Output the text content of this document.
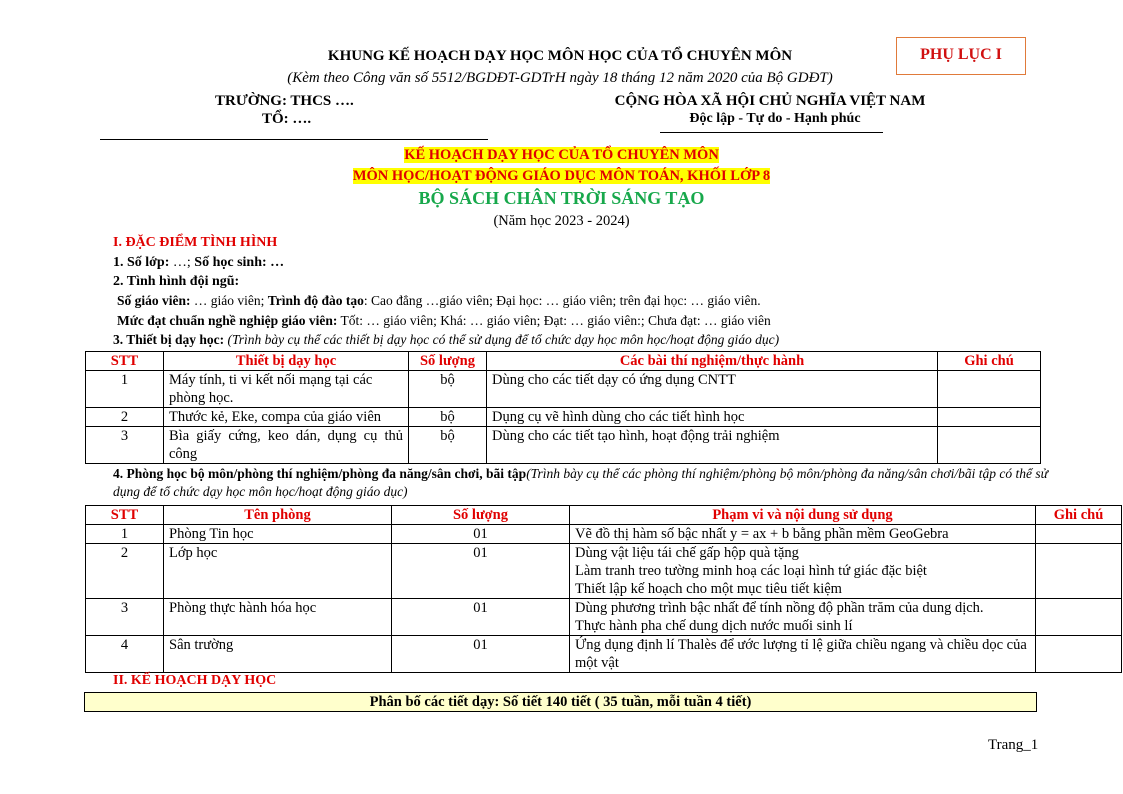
KHUNG KẾ HOẠCH DẠY HỌC MÔN HỌC CỦA TỔ CHUYÊN MÔN
(Kèm theo Công văn số 5512/BGDĐT-GDTrH ngày 18 tháng 12 năm 2020 của Bộ GDĐT)
PHỤ LỤC I
TRƯỜNG: THCS ….
TỔ: ….
CỘNG HÒA XÃ HỘI CHỦ NGHĨA VIỆT NAM
Độc lập - Tự do - Hạnh phúc
KẾ HOẠCH DẠY HỌC CỦA TỔ CHUYÊN MÔN
MÔN HỌC/HOẠT ĐỘNG GIÁO DỤC MÔN TOÁN, KHỐI LỚP 8
BỘ SÁCH CHÂN TRỜI SÁNG TẠO
(Năm học 2023 - 2024)
I. ĐẶC ĐIỂM TÌNH HÌNH
1. Số lớp: …; Số học sinh: …
2. Tình hình đội ngũ:
Số giáo viên: … giáo viên; Trình độ đào tạo: Cao đẳng …giáo viên; Đại học: … giáo viên; trên đại học: … giáo viên.
Mức đạt chuẩn nghề nghiệp giáo viên: Tốt: … giáo viên; Khá: … giáo viên; Đạt: … giáo viên:; Chưa đạt: … giáo viên
3. Thiết bị dạy học: (Trình bày cụ thể các thiết bị dạy học có thể sử dụng để tổ chức dạy học môn học/hoạt động giáo dục)
STT	Thiết bị dạy học	Số lượng	Các bài thí nghiệm/thực hành	Ghi chú
1	Máy tính, ti vi kết nối mạng tại các phòng học.	bộ	Dùng cho các tiết dạy có ứng dụng CNTT	
2	Thước kẻ, Eke, compa của giáo viên	bộ	Dụng cụ vẽ hình dùng cho các tiết hình học	
3	Bìa giấy cứng, keo dán, dụng cụ thủ công	bộ	Dùng cho các tiết tạo hình, hoạt động trải nghiệm	
4. Phòng học bộ môn/phòng thí nghiệm/phòng đa năng/sân chơi, bãi tập(Trình bày cụ thể các phòng thí nghiệm/phòng bộ môn/phòng đa năng/sân chơi/bãi tập có thể sử dụng để tổ chức dạy học môn học/hoạt động giáo dục)
STT	Tên phòng	Số lượng	Phạm vi và nội dung sử dụng	Ghi chú
1	Phòng Tin học	01	Vẽ đồ thị hàm số bậc nhất y = ax + b bằng phần mềm GeoGebra	

2	Lớp học	01	Dùng vật liệu tái chế gấp hộp quà tặng
Làm tranh treo tường minh hoạ các loại hình tứ giác đặc biệt
Thiết lập kế hoạch cho một mục tiêu tiết kiệm	

3	Phòng thực hành hóa học	01	Dùng phương trình bậc nhất để tính nồng độ phần trăm của dung dịch.
Thực hành pha chế dung dịch nước muối sinh lí	

4	Sân trường	01	Ứng dụng định lí Thalès để ước lượng tỉ lệ giữa chiều ngang và chiều dọc của một vật	

II. KẾ HOẠCH DẠY HỌC
Phân bố các tiết dạy: Số tiết 140 tiết ( 35 tuần, mỗi tuần 4 tiết)
Trang_1
